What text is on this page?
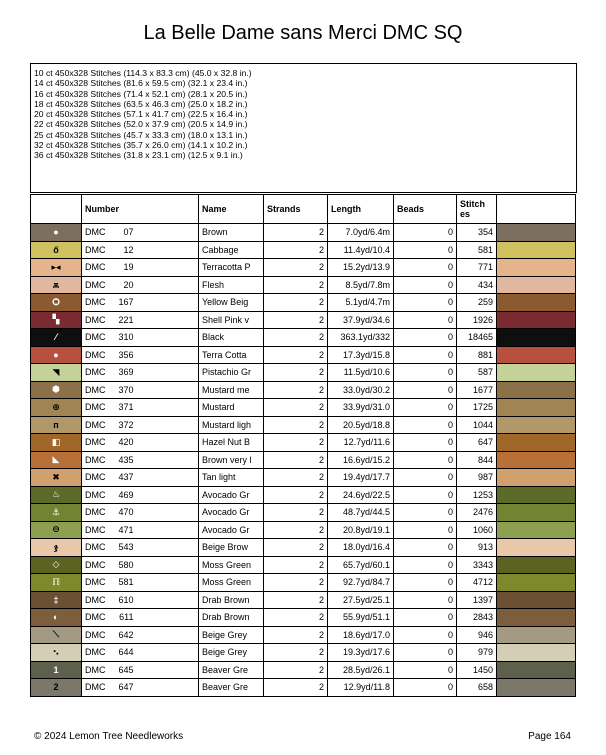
La Belle Dame sans Merci DMC SQ
10 ct 450x328 Stitches (114.3 x 83.3 cm) (45.0 x 32.8 in.)
14 ct 450x328 Stitches (81.6 x 59.5 cm) (32.1 x 23.4 in.)
16 ct 450x328 Stitches (71.4 x 52.1 cm) (28.1 x 20.5 in.)
18 ct 450x328 Stitches (63.5 x 46.3 cm) (25.0 x 18.2 in.)
20 ct 450x328 Stitches (57.1 x 41.7 cm) (22.5 x 16.4 in.)
22 ct 450x328 Stitches (52.0 x 37.9 cm) (20.5 x 14.9 in.)
25 ct 450x328 Stitches (45.7 x 33.3 cm) (18.0 x 13.1 in.)
32 ct 450x328 Stitches (35.7 x 26.0 cm) (14.1 x 10.2 in.)
36 ct 450x328 Stitches (31.8 x 23.1 cm) (12.5 x 9.1 in.)
	Number	Name	Strands	Length	Beads	Stitch es	
●	DMC 07	Brown	2	7.0yd/6.4m	0	354	
ő	DMC 12	Cabbage	2	11.4yd/10.4	0	581	
▸◂	DMC 19	Terracotta P	2	15.2yd/13.9	0	771	
ѫ	DMC 20	Flesh	2	8.5yd/7.8m	0	434	
Ѻ	DMC 167	Yellow Beig	2	5.1yd/4.7m	0	259	
▚	DMC 221	Shell Pink v	2	37.9yd/34.6	0	1926	
⁄	DMC 310	Black	2	363.1yd/332	0	18465	
●	DMC 356	Terra Cotta	2	17.3yd/15.8	0	881	
◥	DMC 369	Pistachio Gr	2	11.5yd/10.6	0	587	
⬢	DMC 370	Mustard me	2	33.0yd/30.2	0	1677	
⊕	DMC 371	Mustard	2	33.9yd/31.0	0	1725	
ᴨ	DMC 372	Mustard ligh	2	20.5yd/18.8	0	1044	
◧	DMC 420	Hazel Nut B	2	12.7yd/11.6	0	647	
◣	DMC 435	Brown very l	2	16.6yd/15.2	0	844	
✖	DMC 437	Tan light	2	19.4yd/17.7	0	987	
♨	DMC 469	Avocado Gr	2	24.6yd/22.5	0	1253	
⚓	DMC 470	Avocado Gr	2	48.7yd/44.5	0	2476	
⊖	DMC 471	Avocado Gr	2	20.8yd/19.1	0	1060	
ჯ	DMC 543	Beige Brow	2	18.0yd/16.4	0	913	
◇	DMC 580	Moss Green	2	65.7yd/60.1	0	3343	
ℿ	DMC 581	Moss Green	2	92.7yd/84.7	0	4712	
‡	DMC 610	Drab Brown	2	27.5yd/25.1	0	1397	
◐	DMC 611	Drab Brown	2	55.9yd/51.1	0	2843	
⟍	DMC 642	Beige Grey	2	18.6yd/17.0	0	946	
⠢	DMC 644	Beige Grey	2	19.3yd/17.6	0	979	
1	DMC 645	Beaver Gre	2	28.5yd/26.1	0	1450	
2	DMC 647	Beaver Gre	2	12.9yd/11.8	0	658	
© 2024 Lemon Tree Needleworks	Page 164
